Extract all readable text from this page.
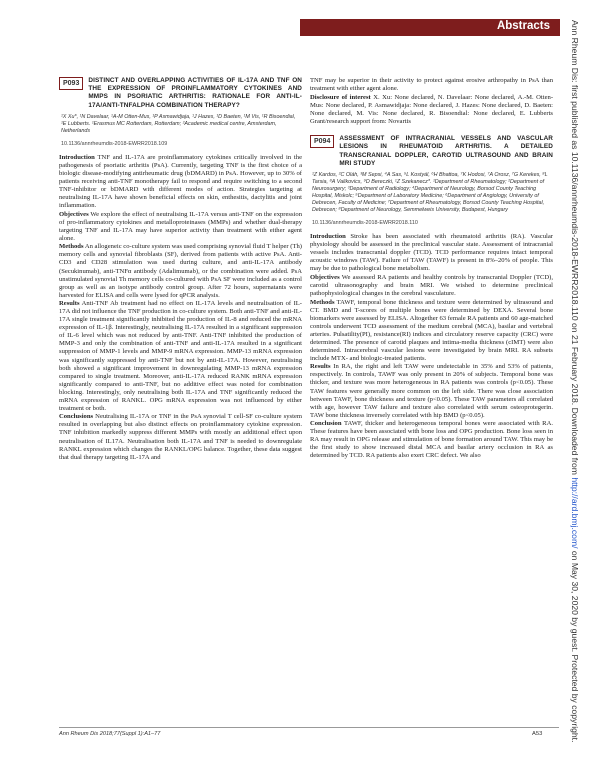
Abstracts	Ann Rheum Dis: first published as 10.1136/annrheumdis-2018-EWRR2018.110 on 21 February 2018. Downloaded from http://ard.bmj.com/ on May 30, 2020 by guest. Protected by copyright.
P093	DISTINCT AND OVERLAPPING ACTIVITIES OF IL-17A AND TNF ON THE EXPRESSION OF PROINFLAMMATORY CYTOKINES AND MMPS IN PSORIATIC ARTHRITIS: RATIONALE FOR ANTI-IL-17A/ANTI-TNFALPHA COMBINATION THERAPY?
¹X Xu*, ¹N Davelaar, ¹A-M Otten-Mus, ¹P Asmawidjaja, ¹J Hazes, ¹D Baeten, ¹M Vis, ¹R Bisoendial, ¹E Lubberts. ¹Erasmus MC Rotterdam, Rotterdam; ²Academic medical centre, Amsterdam, Netherlands
10.1136/annrheumdis-2018-EWRR2018.109

Introduction TNF and IL-17A are proinflammatory cytokines critically involved in the pathogenesis of psoriatic arthritis (PsA). Currently, targeting TNF is the first choice of a biologic disease-modifying antirheumatic drug (bDMARD) in PsA. However, up to 30% of patients receiving anti-TNF monotherapy fail to respond and require switching to a second TNF-inhibitor or bDMARD with different modes of action. Strategies targeting at neutralising IL-17A have shown beneficial effects on skin, enthesitis, dactylitis and joint inflammation.

Objectives We explore the effect of neutralising IL-17A versus anti-TNF on the expression of pro-inflammatory cytokines and metalloproteinases (MMPs) and whether dual-therapy targeting TNF and IL-17A may have superior activity than treatment with either agent alone.

Methods An allogeneic co-culture system was used comprising synovial fluid T helper (Th) memory cells and synovial fibroblasts (SF), derived from patients with active PsA. Anti-CD3 and CD28 stimulation was used during culture, and anti-IL-17A antibody (Secukinumab), anti-TNFα antibody (Adalimumab), or the combination were added. PsA unstimulated synovial Th memory cells co-cultured with PsA SF were included as a control group as well as an isotype antibody control group. After 72 hours, supernatants were harvested for ELISA and cells were lysed for qPCR analysis.

Results Anti-TNF Ab treatment had no effect on IL-17A levels and neutralisation of IL-17A did not influence the TNF production in co-culture system. Both anti-TNF and anti-IL-17A single treatment significantly inhibited the production of IL-8 and reduced the mRNA expression of IL-1β. Interestingly, neutralising IL-17A resulted in a significant suppression of IL-6 level which was not reduced by anti-TNF. Anti-TNF inhibited the production of MMP-3 and only the combination of anti-TNF and anti-IL-17A resulted in a significant suppression of MMP-1 levels and MMP-9 mRNA expression. MMP-13 mRNA expression was significantly suppressed by anti-TNF but not by anti-IL-17A. However, neutralising both showed a significant improvement in downregulating MMP-13 mRNA expression compared to single treatment. Moreover, anti-IL-17A reduced RANK mRNA expression significantly compared to anti-TNF, but no additive effect was noted for combination blocking. Interestingly, only neutralising both IL-17A and TNF significantly reduced the mRNA expression of RANKL. OPG mRNA expression was not influenced by either treatment or both.

Conclusions Neutralising IL-17A or TNF in the PsA synovial T cell-SF co-culture system resulted in overlapping but also distinct effects on proinflammatory cytokine expression. TNF inhibition markedly suppress different MMPs with mostly an additional effect upon neutralisation of IL17A. Neutralisation both IL-17A and TNF is needed to downregulate RANKL expression which changes the RANKL/OPG balance. Together, these data suggest that dual therapy targeting IL-17A and

TNF may be superior in their activity to protect against erosive arthropathy in PsA than treatment with either agent alone.

Disclosure of interest X. Xu: None declared, N. Davelaar: None declared, A.-M. Otten-Mus: None declared, P. Asmawidjaja: None declared, J. Hazes: None declared, D. Baeten: None declared, M. Vis: None declared, R. Bisoendial: None declared, E. Lubberts Grant/research support from: Novartis

P094	ASSESSMENT OF INTRACRANIAL VESSELS AND VASCULAR LESIONS IN RHEUMATOID ARTHRITIS. A DETAILED TRANSCRANIAL DOPPLER, CAROTID ULTRASOUND AND BRAIN MRI STUDY
¹Z Kardos, ²C Oláh, ³M Sepsi, ⁴A Sas, ⁵L Kostyál, ⁶H Bhattoa, ⁷K Hodosi, ⁷A Orosz, ⁷G Kerekes, ⁸L Tarsia, ⁸A Valikovics, ⁹D Bereczki, ¹Z Szekanecz*. ¹Department of Rheumatology; ²Department of Neurosurgery; ³Department of Radiology; ⁴Department of Neurology, Borsod County Teaching Hospital, Miskolc; ⁵Department of Laboratory Medicine; ⁶Department of Angiology, University of Debrecen, Faculty of Medicine; ⁷Department of Rheumatology, Borsod County Teaching Hospital, Debrecen; ⁸Department of Neurology, Semmelweis University, Budapest, Hungary
10.1136/annrheumdis-2018-EWRR2018.110

Introduction Stroke has been associated with rheumatoid arthritis (RA). Vascular physiology should be assessed in the preclinical vascular state. Assessment of intracranial vessels includes transcranial doppler (TCD). TCD performance requires intact temporal acoustic windows (TAW). Failure of TAW (TAWF) is present in 8%–20% of people. This may be due to pathological bone metabolism.

Objectives We assessed RA patients and healthy controls by transcranial Doppler (TCD), carotid ultrasonography and brain MRI. We wished to determine preclinical pathophysiological changes in the cerebral vasculature.

Methods TAWF, temporal bone thickness and texture were determined by ultrasound and CT. BMD and T-scores of multiple bones were determined by DEXA. Several bone biomarkers were assessed by ELISA. Altogether 63 female RA patients and 60 age-matched controls underwent TCD assessment of the medium cerebral (MCA), basilar and vertebral arteries. Pulsatility(PI), resistance(RI) indices and circulatory reserve capacity (CRC) were determined. The presence of carotid plaques and intima-media thickness (cIMT) were also determined. Intracerebral vascular lesions were investigated by brain MRI. RA subsets include MTX- and biologic-treated patients.

Results In RA, the right and left TAW were undetectable in 35% and 53% of patients, respectively. In controls, TAWF was only present in 20% of subjects. Temporal bone was thicker, and texture was more heterogeneous in RA patients was controls (p<0.05). These TAW features were generally more common on the left side. There was close association between TAWF, bone thickness and texture (p<0.05). These TAW parameters all correlated with age, however TAW failure and texture also correlated with serum osteoprotegerin. TAW bone thickness inversely correlated with hip BMD (p<0.05).

Conclusion TAWF, thicker and heterogeneous temporal bones were associated with RA. These features have been associated with bone loss and OPG production. Bone loss seen in RA may result in OPG release and stimulation of bone formation around TAW. This may be the first study to show increased distal MCA and basilar artery occlusion in RA as determined by TCD. RA patients also exert CRC defect. We also

Ann Rheum Dis 2018;77(Suppl 1):A1–77	A53
